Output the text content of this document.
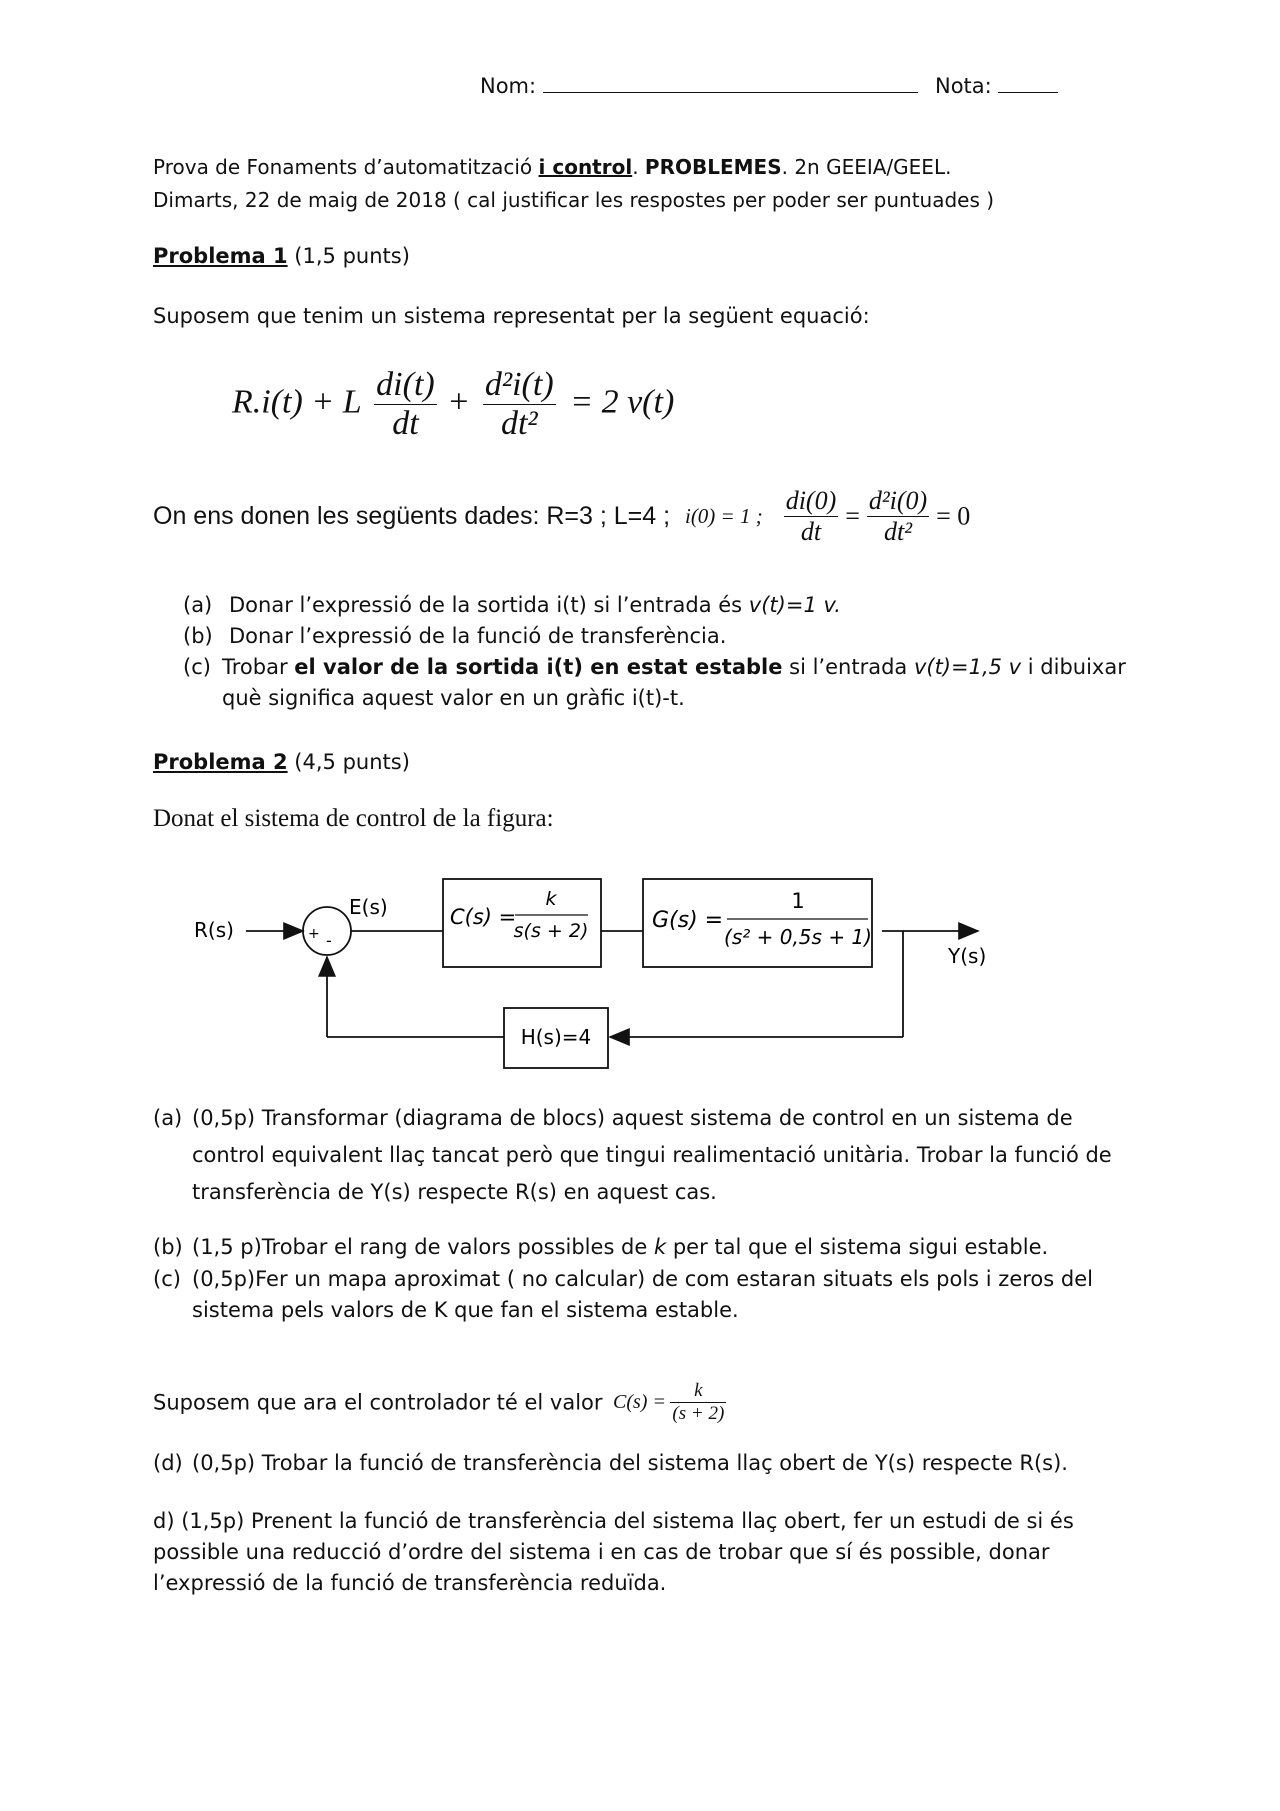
Nom:	Nota:
Prova de Fonaments d’automatització i control. PROBLEMES. 2n GEEIA/GEEL.
Dimarts, 22 de maig de 2018 ( cal justificar les respostes per poder ser puntuades )
Problema 1 (1,5 punts)
Suposem que tenim un sistema representat per la següent equació:
R.i(t) + L $\frac{di(t)}{dt} + \frac{\text{d²i(t)}}{\text{dt²}} = 2$ v(t)
On ens donen les següents dades: R=3 ; L=4 ; i(0) = 1 ; $\frac{di(0)}{dt} = \frac{\text{d²i(0)}}{\text{dt²}} = 0$
(a) Donar l’expressió de la sortida i(t) si l’entrada és v(t)=1 v.
(b) Donar l’expressió de la funció de transferència.
(c) Trobar el valor de la sortida i(t) en estat estable si l’entrada v(t)=1,5 v i dibuixar què significa aquest valor en un gràfic i(t)-t.
Problema 2 (4,5 punts)
Donat el sistema de control de la figura:
R(s)	+ -
E(s)	C(s) =
k
s(s + 2)	G(s) =
1
(s² + 0,5s + 1)
Y(s)
H(s)=4
(a) (0,5p) Transformar (diagrama de blocs) aquest sistema de control en un sistema de control equivalent llaç tancat però que tingui realimentació unitària. Trobar la funció de transferència de Y(s) respecte R(s) en aquest cas.
(b) (1,5 p)Trobar el rang de valors possibles de k per tal que el sistema sigui estable.
(c) (0,5p)Fer un mapa aproximat ( no calcular) de com estaran situats els pols i zeros del sistema pels valors de K que fan el sistema estable.
Suposem que ara el controlador té el valor $C(s) = \frac{k}{(s + 2)}$
(d) (0,5p) Trobar la funció de transferència del sistema llaç obert de Y(s) respecte R(s).
d) (1,5p) Prenent la funció de transferència del sistema llaç obert, fer un estudi de si és possible una reducció d’ordre del sistema i en cas de trobar que sí és possible, donar l’expressió de la funció de transferència reduïda.
